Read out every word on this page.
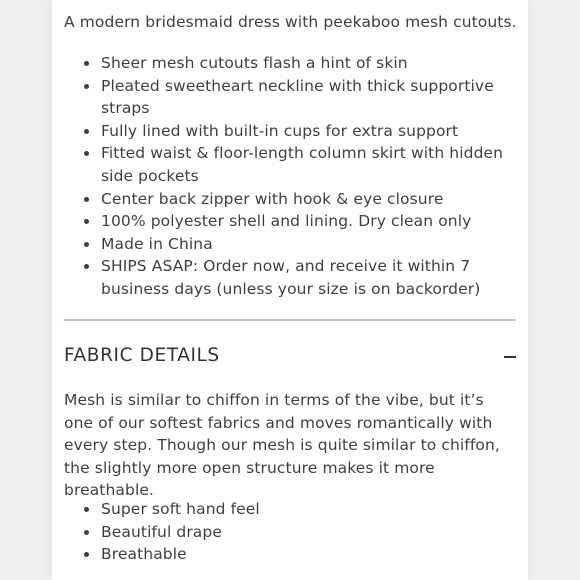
A modern bridesmaid dress with peekaboo mesh cutouts.

Sheer mesh cutouts flash a hint of skin
Pleated sweetheart neckline with thick supportive straps
Fully lined with built-in cups for extra support
Fitted waist & floor-length column skirt with hidden side pockets
Center back zipper with hook & eye closure
100% polyester shell and lining. Dry clean only
Made in China
SHIPS ASAP: Order now, and receive it within 7 business days (unless your size is on backorder)
FABRIC DETAILS

Mesh is similar to chiffon in terms of the vibe, but it’s one of our softest fabrics and moves romantically with every step. Though our mesh is quite similar to chiffon, the slightly more open structure makes it more breathable.

Super soft hand feel
Beautiful drape
Breathable
